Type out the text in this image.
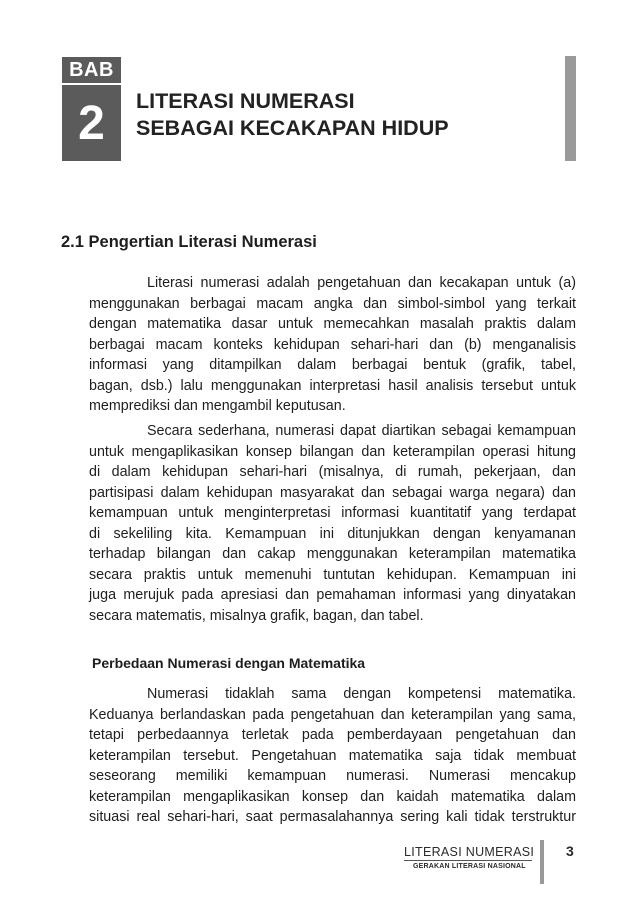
BAB
2	LITERASI NUMERASI
SEBAGAI KECAKAPAN HIDUP
2.1 Pengertian Literasi Numerasi
Literasi numerasi adalah pengetahuan dan kecakapan untuk (a)
menggunakan berbagai macam angka dan simbol-simbol yang terkait
dengan matematika dasar untuk memecahkan masalah praktis dalam
berbagai macam konteks kehidupan sehari-hari dan (b) menganalisis
informasi yang ditampilkan dalam berbagai bentuk (grafik, tabel,
bagan, dsb.) lalu menggunakan interpretasi hasil analisis tersebut untuk
memprediksi dan mengambil keputusan.
Secara sederhana, numerasi dapat diartikan sebagai kemampuan
untuk mengaplikasikan konsep bilangan dan keterampilan operasi hitung
di dalam kehidupan sehari-hari (misalnya, di rumah, pekerjaan, dan
partisipasi dalam kehidupan masyarakat dan sebagai warga negara) dan
kemampuan untuk menginterpretasi informasi kuantitatif yang terdapat
di sekeliling kita. Kemampuan ini ditunjukkan dengan kenyamanan
terhadap bilangan dan cakap menggunakan keterampilan matematika
secara praktis untuk memenuhi tuntutan kehidupan. Kemampuan ini
juga merujuk pada apresiasi dan pemahaman informasi yang dinyatakan
secara matematis, misalnya grafik, bagan, dan tabel.
Perbedaan Numerasi dengan Matematika
Numerasi tidaklah sama dengan kompetensi matematika.
Keduanya berlandaskan pada pengetahuan dan keterampilan yang sama,
tetapi perbedaannya terletak pada pemberdayaan pengetahuan dan
keterampilan tersebut. Pengetahuan matematika saja tidak membuat
seseorang memiliki kemampuan numerasi. Numerasi mencakup
keterampilan mengaplikasikan konsep dan kaidah matematika dalam
situasi real sehari-hari, saat permasalahannya sering kali tidak terstruktur
LITERASI NUMERASI
GERAKAN LITERASI NASIONAL
3
